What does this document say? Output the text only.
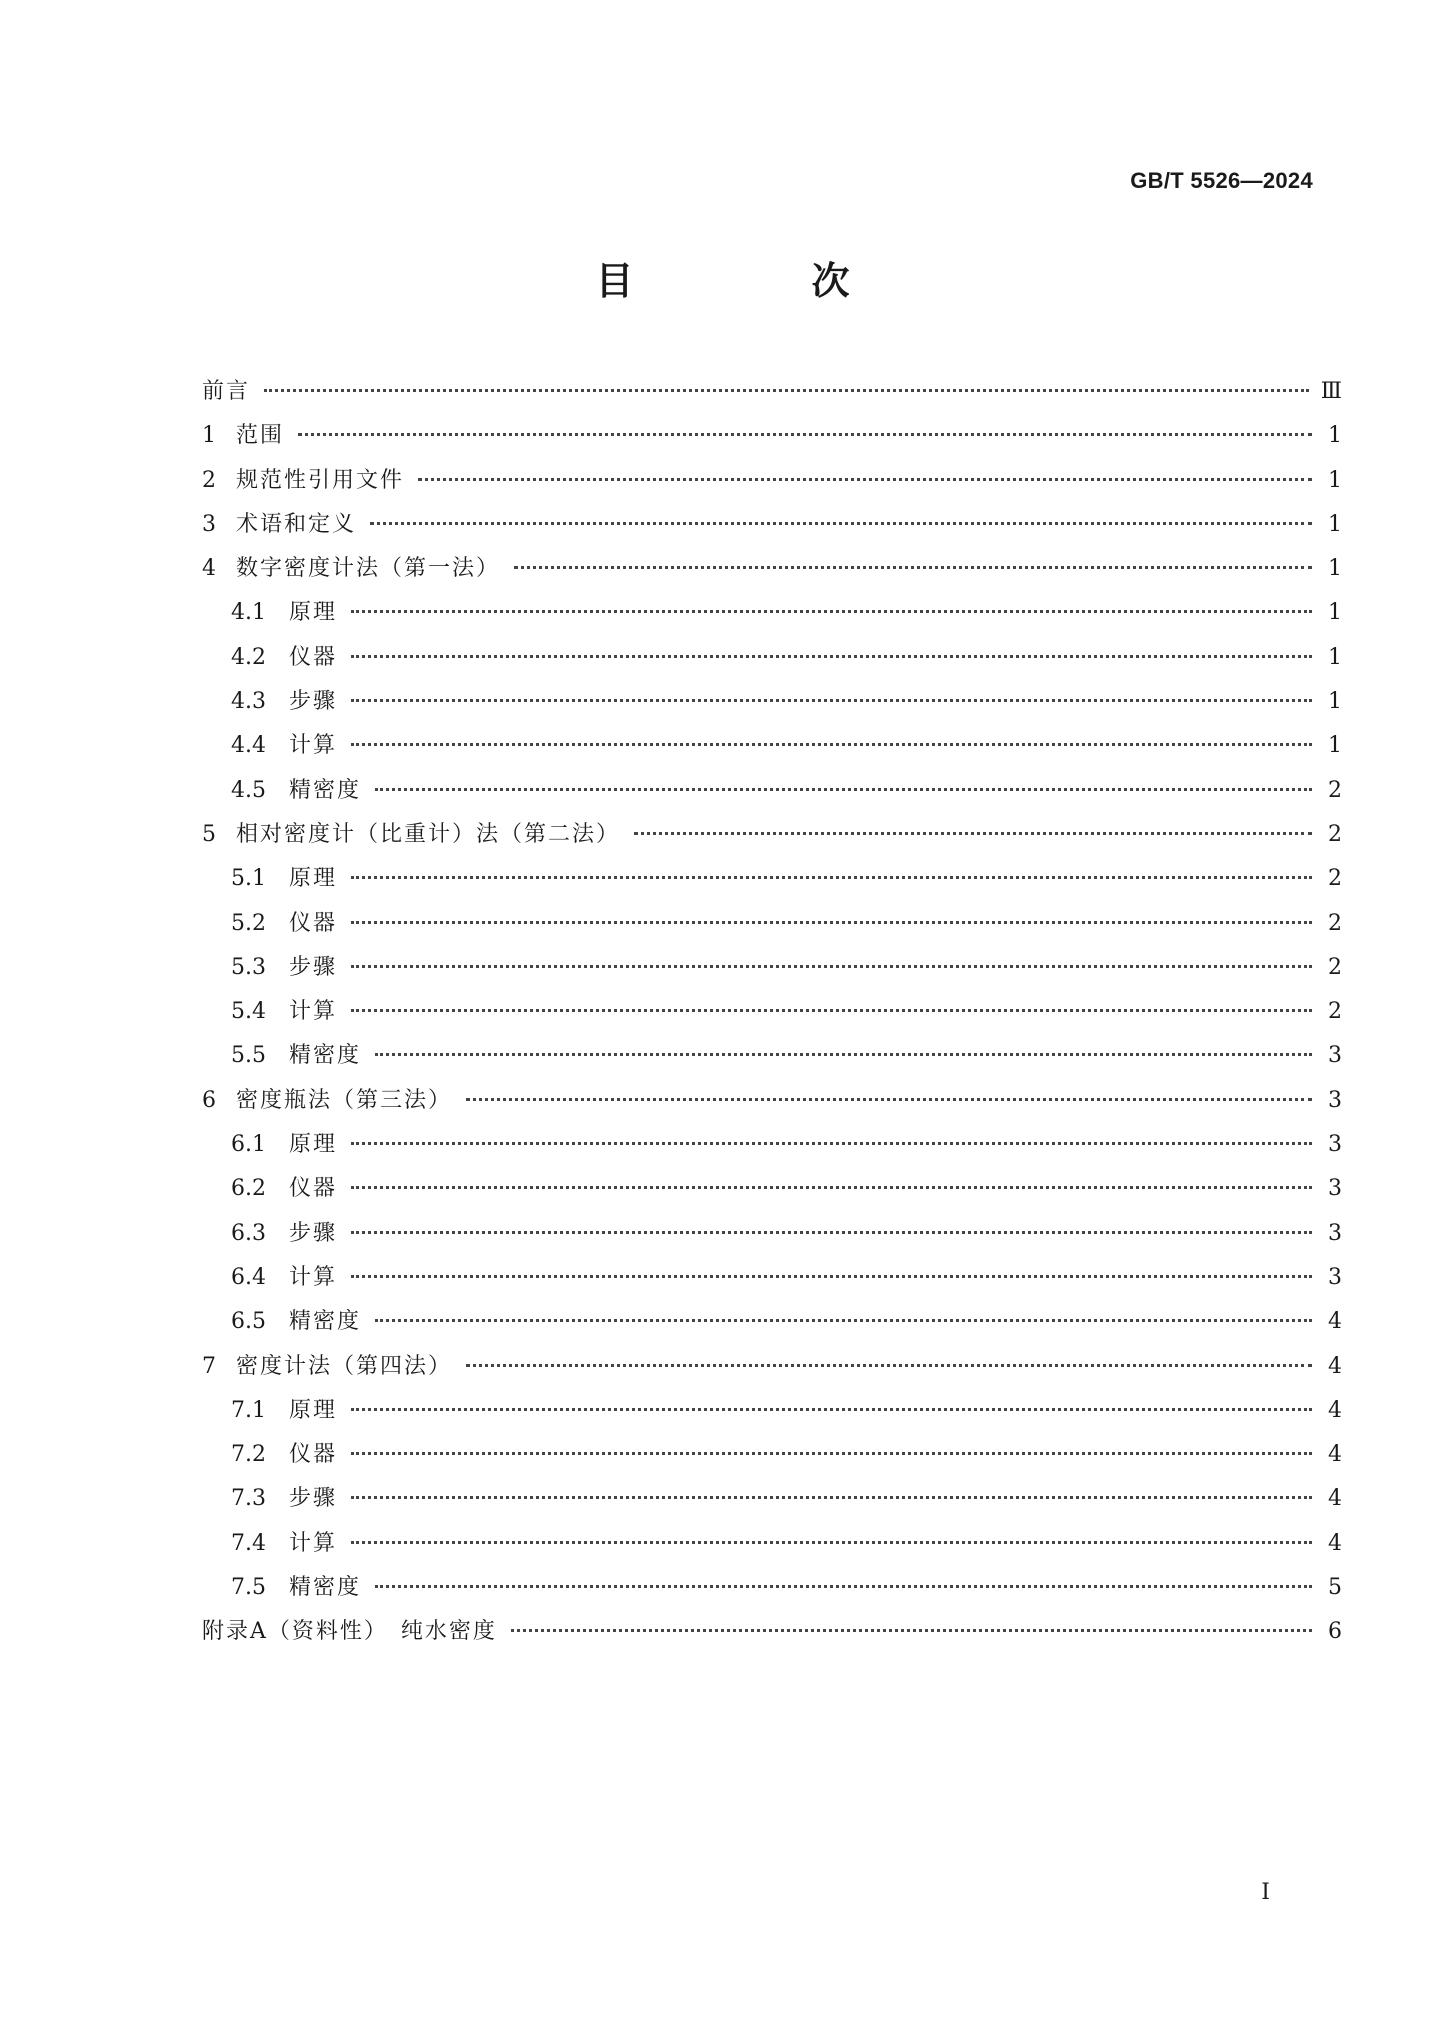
GB/T 5526—2024
目　次
前言	Ⅲ
1 范围	1
2 规范性引用文件	1
3 术语和定义	1
4 数字密度计法（第一法）	1
4.1 原理	1
4.2 仪器	1
4.3 步骤	1
4.4 计算	1
4.5 精密度	2
5 相对密度计（比重计）法（第二法）	2
5.1 原理	2
5.2 仪器	2
5.3 步骤	2
5.4 计算	2
5.5 精密度	3
6 密度瓶法（第三法）	3
6.1 原理	3
6.2 仪器	3
6.3 步骤	3
6.4 计算	3
6.5 精密度	4
7 密度计法（第四法）	4
7.1 原理	4
7.2 仪器	4
7.3 步骤	4
7.4 计算	4
7.5 精密度	5
附录A（资料性）　纯水密度	6
I
